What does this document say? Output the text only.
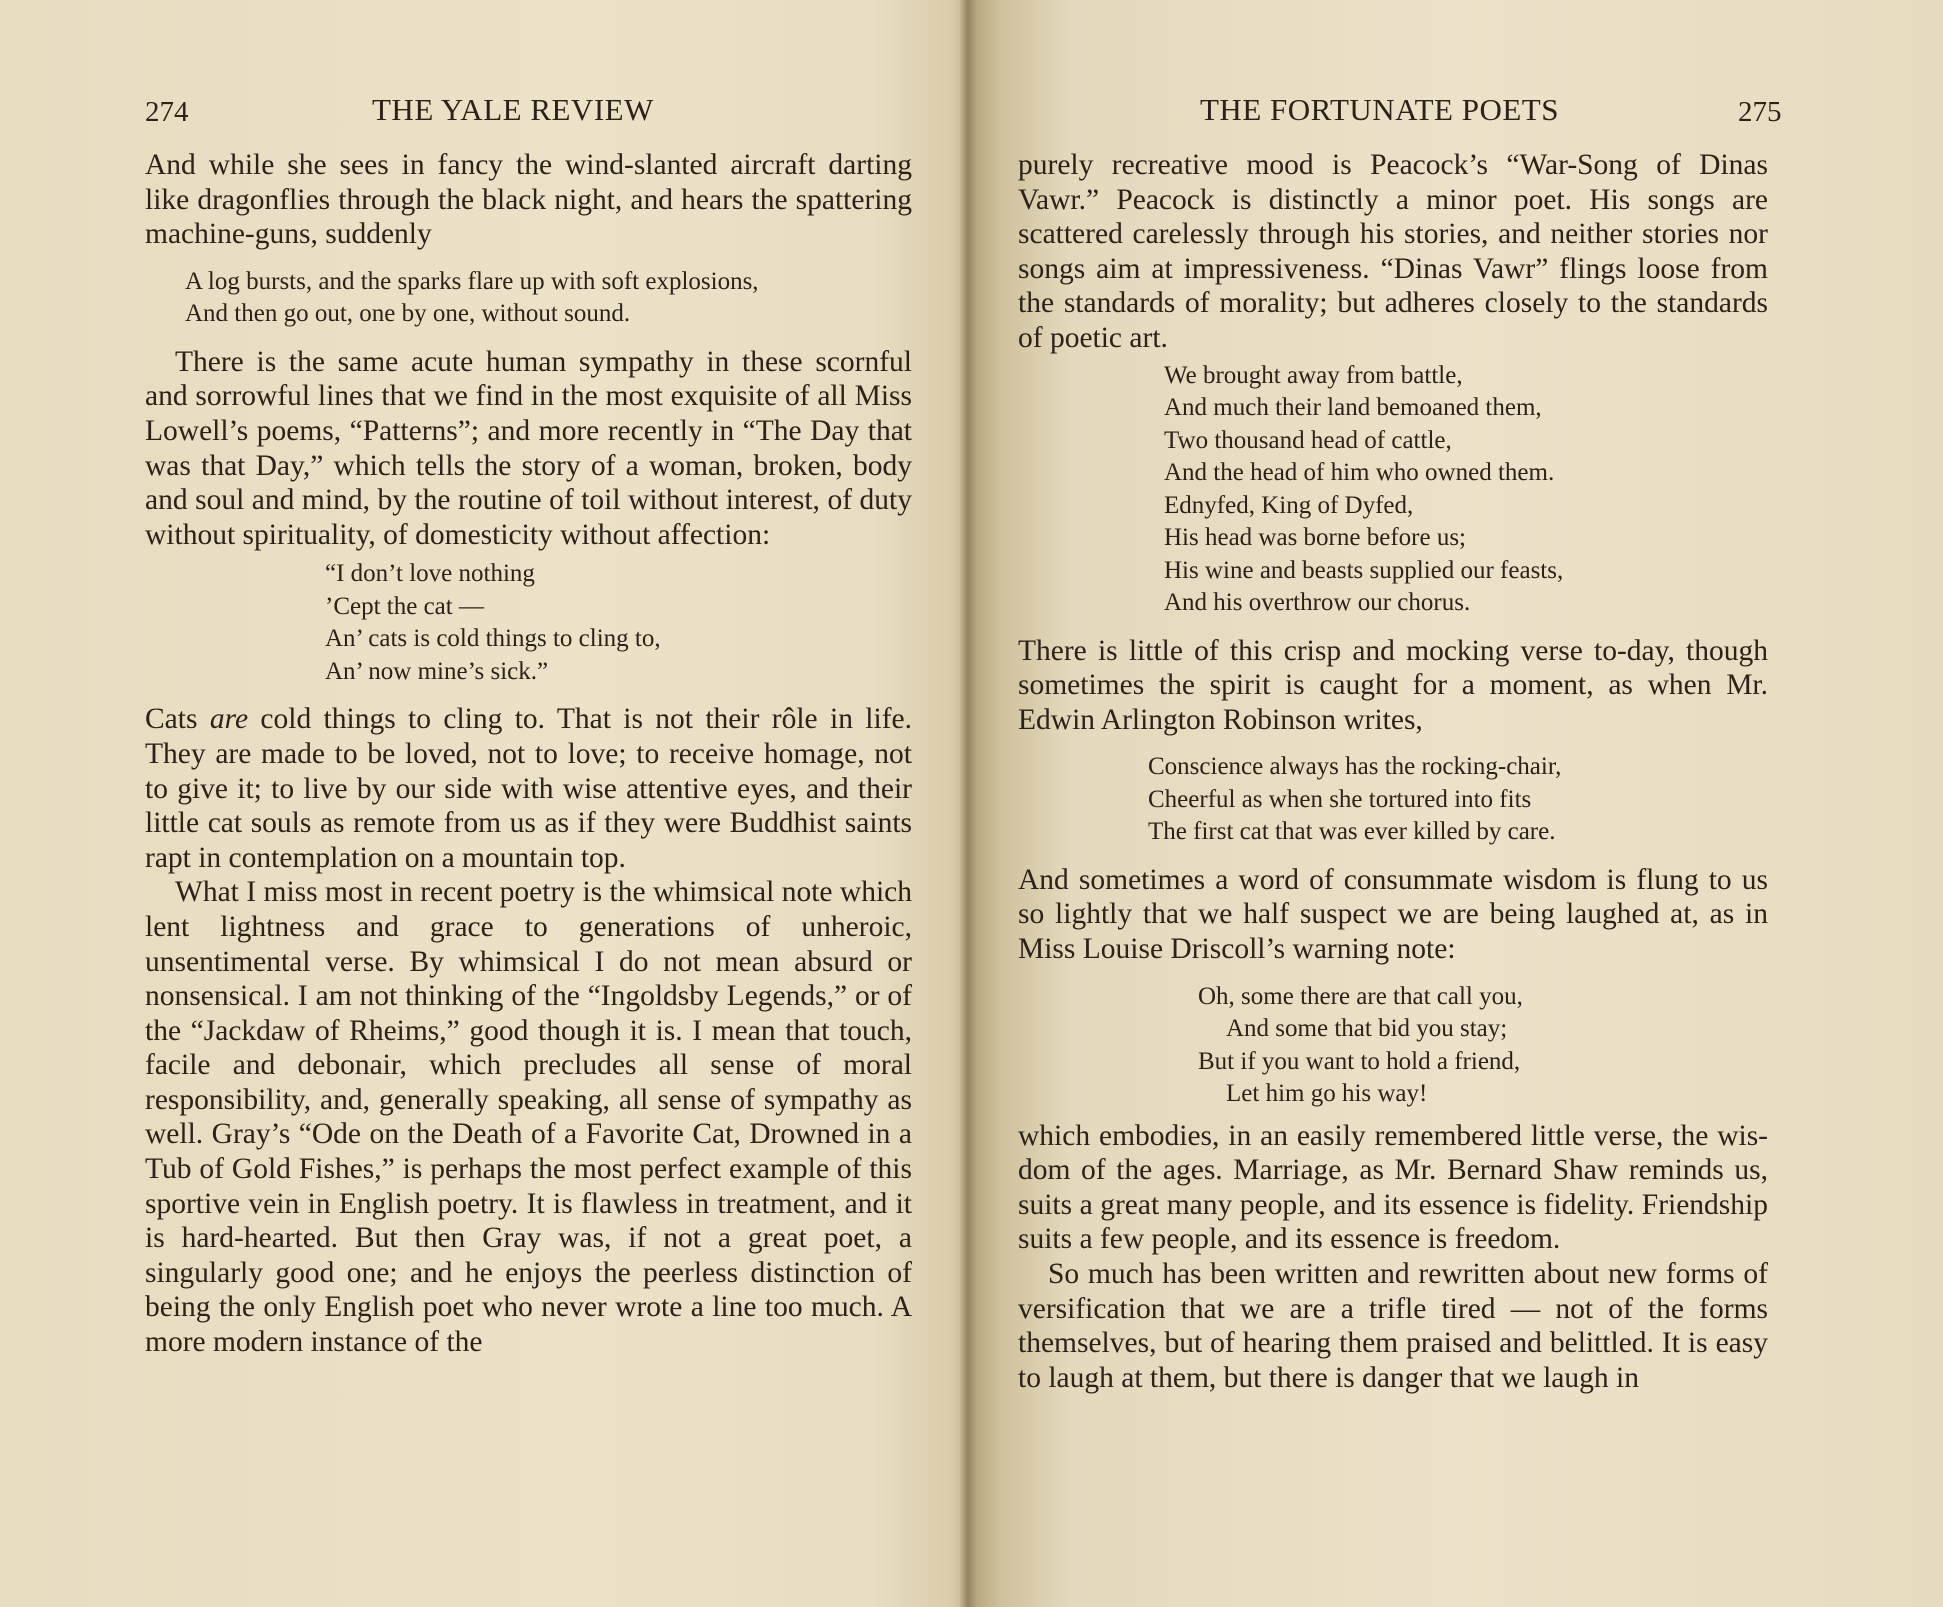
274	THE YALE REVIEW

And while she sees in fancy the wind-slanted aircraft darting like dragonflies through the black night, and hears the spattering machine-guns, suddenly

A log bursts, and the sparks flare up with soft explosions,
And then go out, one by one, without sound.

There is the same acute human sympathy in these scornful and sorrowful lines that we find in the most exquisite of all Miss Lowell’s poems, “Patterns”; and more recently in “The Day that was that Day,” which tells the story of a woman, broken, body and soul and mind, by the routine of toil without interest, of duty without spirituality, of domesticity without affection:

“I don’t love nothing
’Cept the cat —
An’ cats is cold things to cling to,
An’ now mine’s sick.”

Cats are cold things to cling to. That is not their rôle in life. They are made to be loved, not to love; to receive homage, not to give it; to live by our side with wise attentive eyes, and their little cat souls as remote from us as if they were Buddhist saints rapt in contemplation on a mountain top.

What I miss most in recent poetry is the whimsical note which lent lightness and grace to generations of unheroic, unsentimental verse. By whimsical I do not mean absurd or nonsensical. I am not thinking of the “Ingoldsby Legends,” or of the “Jackdaw of Rheims,” good though it is. I mean that touch, facile and debonair, which precludes all sense of moral responsibility, and, generally speaking, all sense of sympathy as well. Gray’s “Ode on the Death of a Favorite Cat, Drowned in a Tub of Gold Fishes,” is perhaps the most perfect example of this sportive vein in English poetry. It is flawless in treatment, and it is hard-hearted. But then Gray was, if not a great poet, a singularly good one; and he enjoys the peerless distinction of being the only English poet who never wrote a line too much. A more modern instance of the

THE FORTUNATE POETS	275

purely recreative mood is Peacock’s “War-Song of Dinas Vawr.” Peacock is distinctly a minor poet. His songs are scattered carelessly through his stories, and neither stories nor songs aim at impressiveness. “Dinas Vawr” flings loose from the standards of morality; but adheres closely to the standards of poetic art.

We brought away from battle,
And much their land bemoaned them,
Two thousand head of cattle,
And the head of him who owned them.
Ednyfed, King of Dyfed,
His head was borne before us;
His wine and beasts supplied our feasts,
And his overthrow our chorus.

There is little of this crisp and mocking verse to-day, though sometimes the spirit is caught for a moment, as when Mr. Edwin Arlington Robinson writes,

Conscience always has the rocking-chair,
Cheerful as when she tortured into fits
The first cat that was ever killed by care.

And sometimes a word of consummate wisdom is flung to us so lightly that we half suspect we are being laughed at, as in Miss Louise Driscoll’s warning note:

Oh, some there are that call you,
And some that bid you stay;
But if you want to hold a friend,
Let him go his way!

which embodies, in an easily remembered little verse, the wisdom of the ages. Marriage, as Mr. Bernard Shaw reminds us, suits a great many people, and its essence is fidelity. Friendship suits a few people, and its essence is freedom.

So much has been written and rewritten about new forms of versification that we are a trifle tired — not of the forms themselves, but of hearing them praised and belittled. It is easy to laugh at them, but there is danger that we laugh in
